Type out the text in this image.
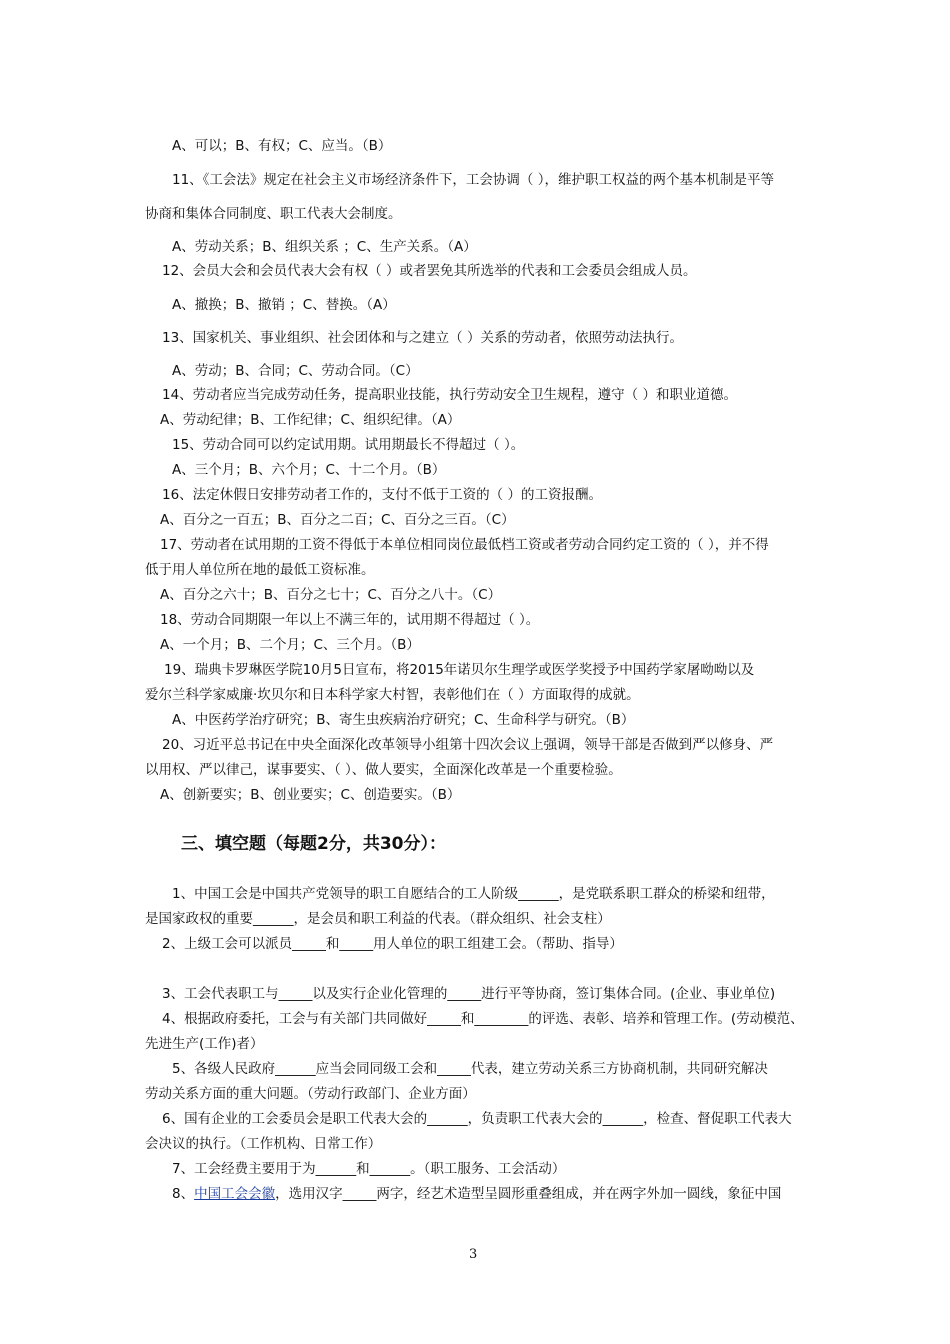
A、可以；B、有权；C、应当。（B）
11、《工会法》规定在社会主义市场经济条件下，工会协调（ ），维护职工权益的两个基本机制是平等
协商和集体合同制度、职工代表大会制度。
A、劳动关系；B、组织关系 ；C、生产关系。（A）
12、会员大会和会员代表大会有权（ ）或者罢免其所选举的代表和工会委员会组成人员。
A、撤换；B、撤销 ；C、替换。（A）
13、国家机关、事业组织、社会团体和与之建立（ ）关系的劳动者，依照劳动法执行。
A、劳动；B、合同；C、劳动合同。（C）
14、劳动者应当完成劳动任务，提高职业技能，执行劳动安全卫生规程，遵守（ ）和职业道德。
A、劳动纪律；B、工作纪律；C、组织纪律。（A）
15、劳动合同可以约定试用期。试用期最长不得超过（ ）。
A、三个月；B、六个月；C、十二个月。（B）
16、法定休假日安排劳动者工作的，支付不低于工资的（ ）的工资报酬。
A、百分之一百五；B、百分之二百；C、百分之三百。（C）
17、劳动者在试用期的工资不得低于本单位相同岗位最低档工资或者劳动合同约定工资的（ ），并不得
低于用人单位所在地的最低工资标准。
A、百分之六十；B、百分之七十；C、百分之八十。（C）
18、劳动合同期限一年以上不满三年的，试用期不得超过（ ）。
A、一个月；B、二个月；C、三个月。（B）
19、瑞典卡罗琳医学院10月5日宣布，将2015年诺贝尔生理学或医学奖授予中国药学家屠呦呦以及
爱尔兰科学家威廉·坎贝尔和日本科学家大村智，表彰他们在（ ）方面取得的成就。
A、中医药学治疗研究；B、寄生虫疾病治疗研究；C、生命科学与研究。（B）
20、习近平总书记在中央全面深化改革领导小组第十四次会议上强调，领导干部是否做到严以修身、严
以用权、严以律己，谋事要实、（ ）、做人要实，全面深化改革是一个重要检验。
A、创新要实；B、创业要实；C、创造要实。（B）
三、填空题（每题2分，共30分）：
1、中国工会是中国共产党领导的职工自愿结合的工人阶级______，是党联系职工群众的桥梁和纽带，
是国家政权的重要______，是会员和职工利益的代表。（群众组织、社会支柱）
2、上级工会可以派员_____和_____用人单位的职工组建工会。（帮助、指导）
3、工会代表职工与_____以及实行企业化管理的_____进行平等协商，签订集体合同。(企业、事业单位)
4、根据政府委托，工会与有关部门共同做好_____和________的评选、表彰、培养和管理工作。(劳动模范、
先进生产(工作)者）
5、各级人民政府______应当会同同级工会和_____代表，建立劳动关系三方协商机制，共同研究解决
劳动关系方面的重大问题。（劳动行政部门、企业方面）
6、国有企业的工会委员会是职工代表大会的______，负责职工代表大会的______，检查、督促职工代表大
会决议的执行。（工作机构、日常工作）
7、工会经费主要用于为______和______。（职工服务、工会活动）
8、中国工会会徽，选用汉字_____两字，经艺术造型呈圆形重叠组成，并在两字外加一圆线，象征中国
3
